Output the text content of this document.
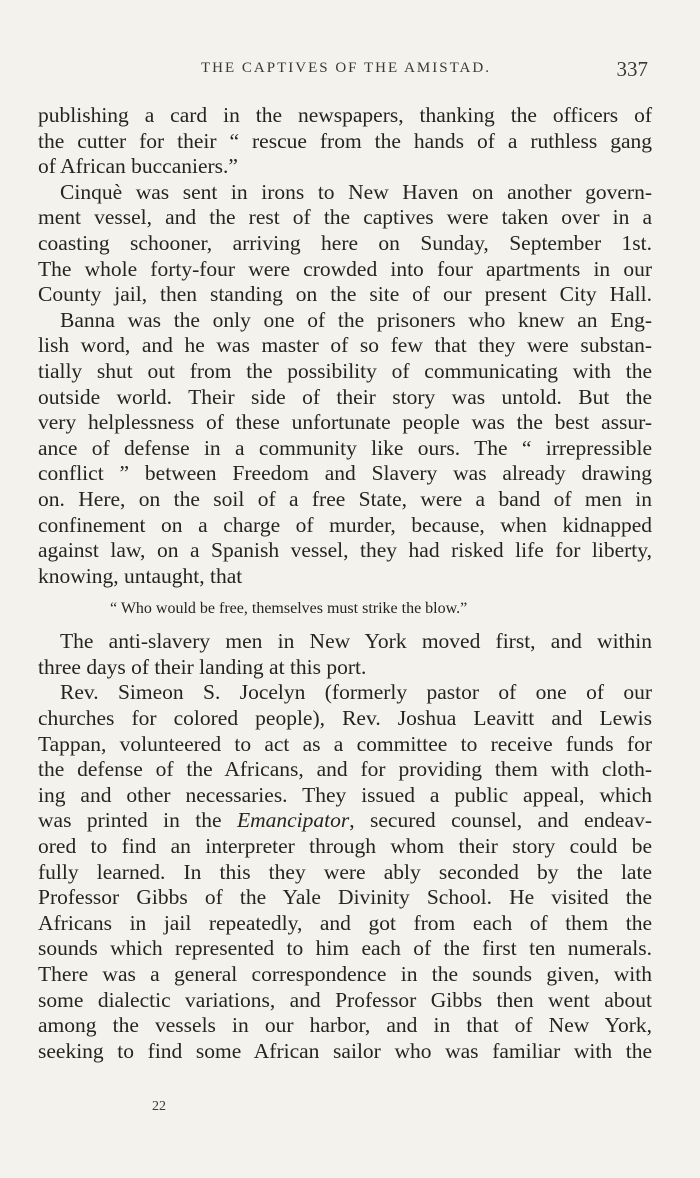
THE CAPTIVES OF THE AMISTAD.	337
publishing a card in the newspapers, thanking the officers of
the cutter for their “ rescue from the hands of a ruthless gang
of African buccaniers.”
Cinquè was sent in irons to New Haven on another govern-
ment vessel, and the rest of the captives were taken over in a
coasting schooner, arriving here on Sunday, September 1st.
The whole forty-four were crowded into four apartments in our
County jail, then standing on the site of our present City Hall.
Banna was the only one of the prisoners who knew an Eng-
lish word, and he was master of so few that they were substan-
tially shut out from the possibility of communicating with the
outside world. Their side of their story was untold. But the
very helplessness of these unfortunate people was the best assur-
ance of defense in a community like ours. The “ irrepressible
conflict ” between Freedom and Slavery was already drawing
on. Here, on the soil of a free State, were a band of men in
confinement on a charge of murder, because, when kidnapped
against law, on a Spanish vessel, they had risked life for liberty,
knowing, untaught, that
“ Who would be free, themselves must strike the blow.”
The anti-slavery men in New York moved first, and within
three days of their landing at this port.
Rev. Simeon S. Jocelyn (formerly pastor of one of our
churches for colored people), Rev. Joshua Leavitt and Lewis
Tappan, volunteered to act as a committee to receive funds for
the defense of the Africans, and for providing them with cloth-
ing and other necessaries. They issued a public appeal, which
was printed in the Emancipator, secured counsel, and endeav-
ored to find an interpreter through whom their story could be
fully learned. In this they were ably seconded by the late
Professor Gibbs of the Yale Divinity School. He visited the
Africans in jail repeatedly, and got from each of them the
sounds which represented to him each of the first ten numerals.
There was a general correspondence in the sounds given, with
some dialectic variations, and Professor Gibbs then went about
among the vessels in our harbor, and in that of New York,
seeking to find some African sailor who was familiar with the
22
